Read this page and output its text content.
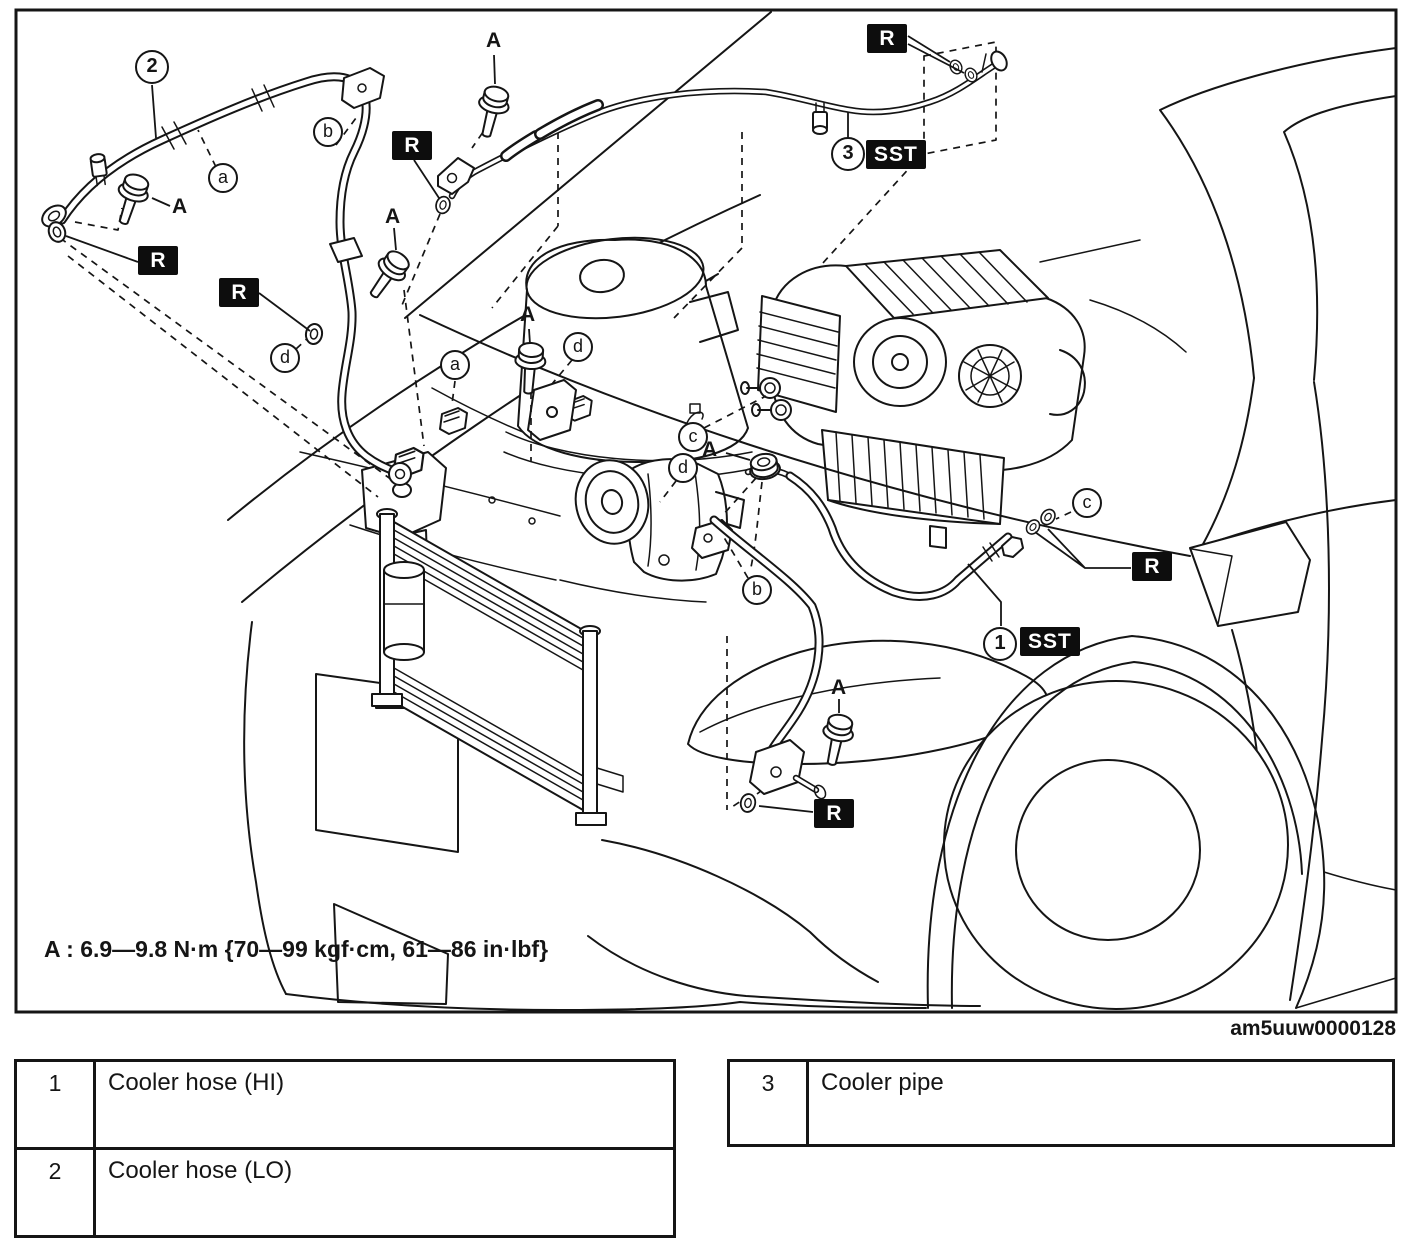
2
3
1
a
b
d	a
d
c
d
b
c
A	A
A
A
A
A
R
R
R
R
R
R
SST
SST
A : 6.9—9.8 N·m {70—99 kgf·cm, 61—86 in·lbf}
am5uuw0000128
1	Cooler hose (HI)
2	Cooler hose (LO)
3	Cooler pipe
